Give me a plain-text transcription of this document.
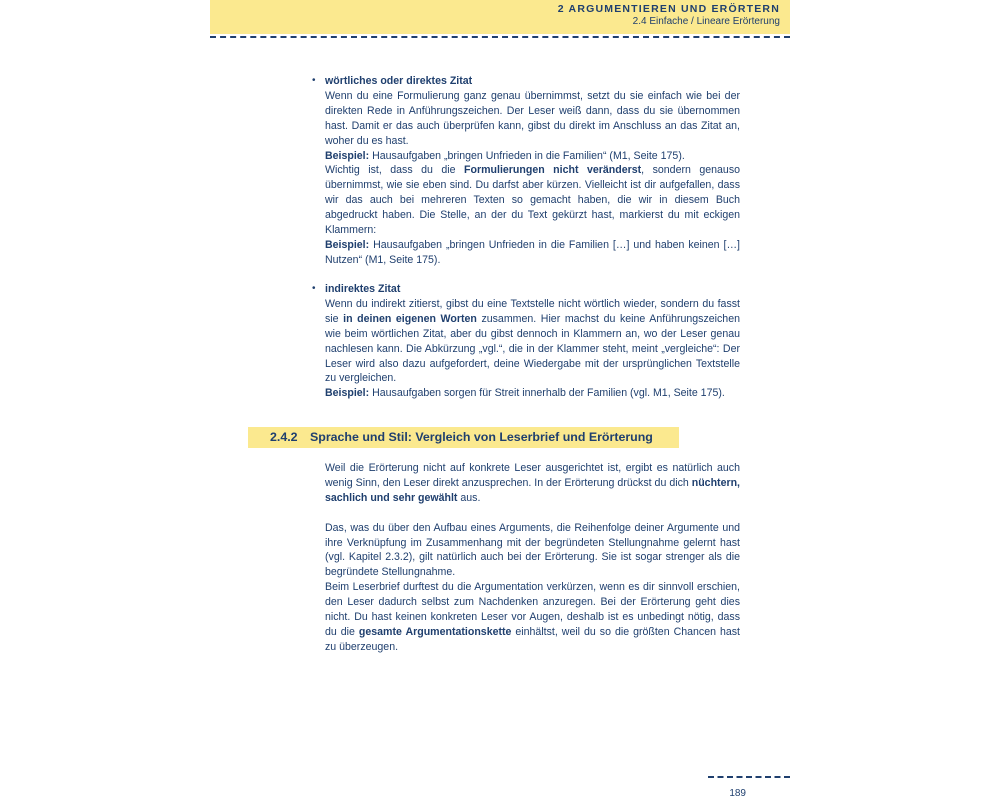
2 ARGUMENTIEREN UND ERÖRTERN
2.4 Einfache / Lineare Erörterung
• wörtliches oder direktes Zitat

Wenn du eine Formulierung ganz genau übernimmst, setzt du sie einfach wie bei der direkten Rede in Anführungszeichen. Der Leser weiß dann, dass du sie übernommen hast. Damit er das auch überprüfen kann, gibst du direkt im Anschluss an das Zitat an, woher du es hast.

Beispiel: Hausaufgaben „bringen Unfrieden in die Familien“ (M1, Seite 175).

Wichtig ist, dass du die Formulierungen nicht veränderst, sondern genauso übernimmst, wie sie eben sind. Du darfst aber kürzen. Vielleicht ist dir aufgefallen, dass wir das auch bei mehreren Texten so gemacht haben, die wir in diesem Buch abgedruckt haben. Die Stelle, an der du Text gekürzt hast, markierst du mit eckigen Klammern:

Beispiel: Hausaufgaben „bringen Unfrieden in die Familien […] und haben keinen […] Nutzen“ (M1, Seite 175).

• indirektes Zitat

Wenn du indirekt zitierst, gibst du eine Textstelle nicht wörtlich wieder, sondern du fasst sie in deinen eigenen Worten zusammen. Hier machst du keine Anführungszeichen wie beim wörtlichen Zitat, aber du gibst dennoch in Klammern an, wo der Leser genau nachlesen kann. Die Abkürzung „vgl.“, die in der Klammer steht, meint „vergleiche“: Der Leser wird also dazu aufgefordert, deine Wiedergabe mit der ursprünglichen Textstelle zu vergleichen.

Beispiel: Hausaufgaben sorgen für Streit innerhalb der Familien (vgl. M1, Seite 175).

2.4.2 Sprache und Stil: Vergleich von Leserbrief und Erörterung

Weil die Erörterung nicht auf konkrete Leser ausgerichtet ist, ergibt es natürlich auch wenig Sinn, den Leser direkt anzusprechen. In der Erörterung drückst du dich nüchtern, sachlich und sehr gewählt aus.

Das, was du über den Aufbau eines Arguments, die Reihenfolge deiner Argumente und ihre Verknüpfung im Zusammenhang mit der begründeten Stellungnahme gelernt hast (vgl. Kapitel 2.3.2), gilt natürlich auch bei der Erörterung. Sie ist sogar strenger als die begründete Stellungnahme.

Beim Leserbrief durftest du die Argumentation verkürzen, wenn es dir sinnvoll erschien, den Leser dadurch selbst zum Nachdenken anzuregen. Bei der Erörterung geht dies nicht. Du hast keinen konkreten Leser vor Augen, deshalb ist es unbedingt nötig, dass du die gesamte Argumentationskette einhältst, weil du so die größten Chancen hast zu überzeugen.

189
